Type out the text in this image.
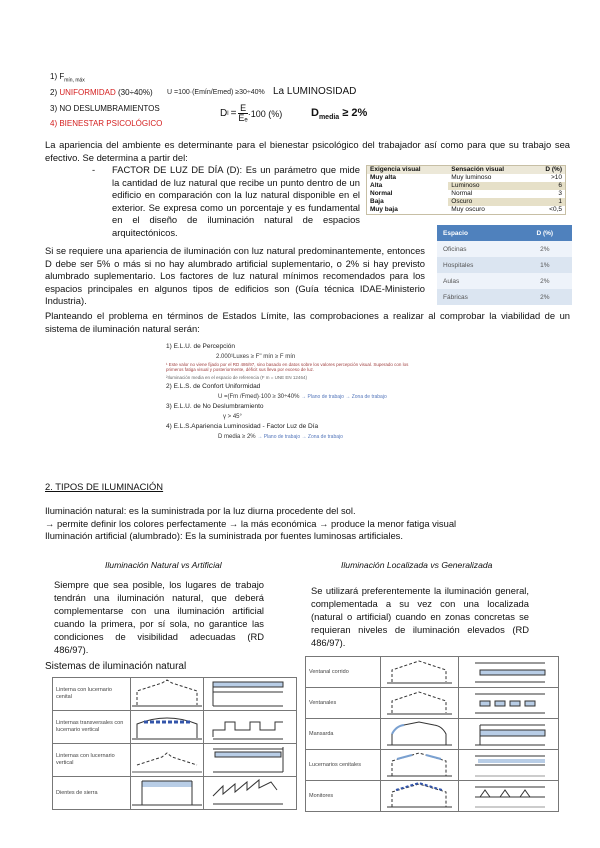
1) $F_{mín, máx}$
2) UNIFORMIDAD (30÷40%)
3) NO DESLUMBRAMIENTOS
4) BIENESTAR PSICOLÓGICO
U =100·(Emín/Emed) ≥30÷40% La LUMINOSIDAD
D $l = \frac{E}{\text{Eₑ}} \cdot 100$ (%)	$D_{media} \ge 2\%$
La apariencia del ambiente es determinante para el bienestar psicológico del trabajador así como para que su trabajo sea efectivo. Se determina a partir del:
- FACTOR DE LUZ DE DÍA (D): Es un parámetro que mide la cantidad de luz natural que recibe un punto dentro de un edificio en comparación con la luz natural disponible en el exterior. Se expresa como un porcentaje y es fundamental en el diseño de iluminación natural de espacios arquitectónicos.
Exigencia visual	Sensación visual	D (%)
Muy alta	Muy luminoso	>10
Alta	Luminoso	6
Normal	Normal	3
Baja	Oscuro	1
Muy baja	Muy oscuro	<0,5
Espacio	D (%)
Oficinas	2%
Hospitales	1%
Aulas	2%
Fábricas	2%
Si se requiere una apariencia de iluminación con luz natural predominantemente, entonces D debe ser 5% o más si no hay alumbrado artificial suplementario, o 2% si hay previsto alumbrado suplementario. Los factores de luz natural mínimos recomendados para los espacios principales en algunos tipos de edificios son (Guía técnica IDAE-Ministerio Industria).
Planteando el problema en términos de Estados Límite, las comprobaciones a realizar al comprobar la viabilidad de un sistema de iluminación natural serán:
1) E.L.U. de Percepción
2.000¹Luxes ≥ F'' mín ≥ F mín
¹ Este valor no viene fijado por el RD 486/97, sino basado en datos sobre los valores percepción visual. Superado con los primeros fatiga visual y posteriormente, déficit sus lleva por exceso de luz.
²Iluminación media en el espacio de referencia (F m = UNE EN 12464)
2) E.L.S. de Confort Uniformidad
U =(Fm /Fmed)·100 ≥ 30÷40% → Plano de trabajo → Zona de trabajo
3) E.L.U. de No Deslumbramiento
γ > 45°
4) E.L.S.Apariencia Luminosidad - Factor Luz de Día
D media ≥ 2% → Plano de trabajo → Zona de trabajo
2. TIPOS DE ILUMINACIÓN
Iluminación natural: es la suministrada por la luz diurna procedente del sol.
→ permite definir los colores perfectamente → la más económica → produce la menor fatiga visual
Iluminación artificial (alumbrado): Es la suministrada por fuentes luminosas artificiales.
Iluminación Natural vs Artificial
Siempre que sea posible, los lugares de trabajo tendrán una iluminación natural, que deberá complementarse con una iluminación artificial cuando la primera, por sí sola, no garantice las condiciones de visibilidad adecuadas (RD 486/97).
Iluminación Localizada vs Generalizada
Se utilizará preferentemente la iluminación general, complementada a su vez con una localizada (natural o artificial) cuando en zonas concretas se requieran niveles de iluminación elevados (RD 486/97).
Sistemas de iluminación natural
Linterna con lucernario cenital	

Linternas transversales con lucernario vertical	

Linternas con lucernario vertical	

Dientes de sierra	

Ventanal corrido	

Ventanales	

Mansarda	

Lucernarios cenitales	

Monitores	
